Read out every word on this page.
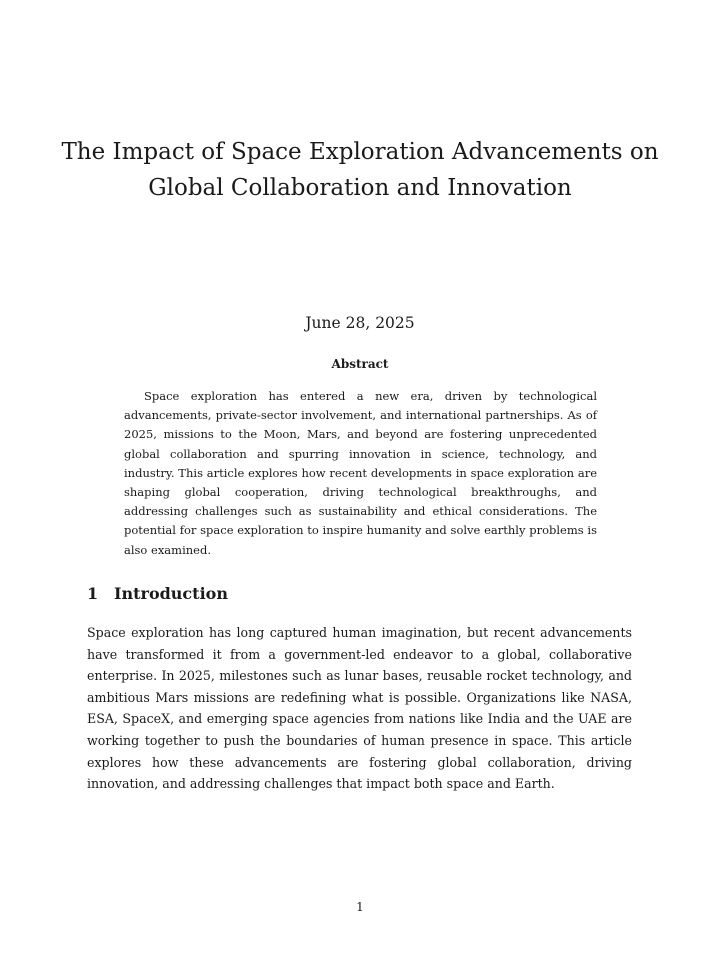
The Impact of Space Exploration Advancements on Global Collaboration and Innovation
June 28, 2025
Abstract

Space exploration has entered a new era, driven by technological advancements, private-sector involvement, and international partnerships. As of 2025, missions to the Moon, Mars, and beyond are fostering unprecedented global collaboration and spurring innovation in science, technology, and industry. This article explores how recent developments in space exploration are shaping global cooperation, driving technological breakthroughs, and addressing challenges such as sustainability and ethical considerations. The potential for space exploration to inspire humanity and solve earthly problems is also examined.

1 Introduction

Space exploration has long captured human imagination, but recent advancements have transformed it from a government-led endeavor to a global, collaborative enterprise. In 2025, milestones such as lunar bases, reusable rocket technology, and ambitious Mars missions are redefining what is possible. Organizations like NASA, ESA, SpaceX, and emerging space agencies from nations like India and the UAE are working together to push the boundaries of human presence in space. This article explores how these advancements are fostering global collaboration, driving innovation, and addressing challenges that impact both space and Earth.

1
